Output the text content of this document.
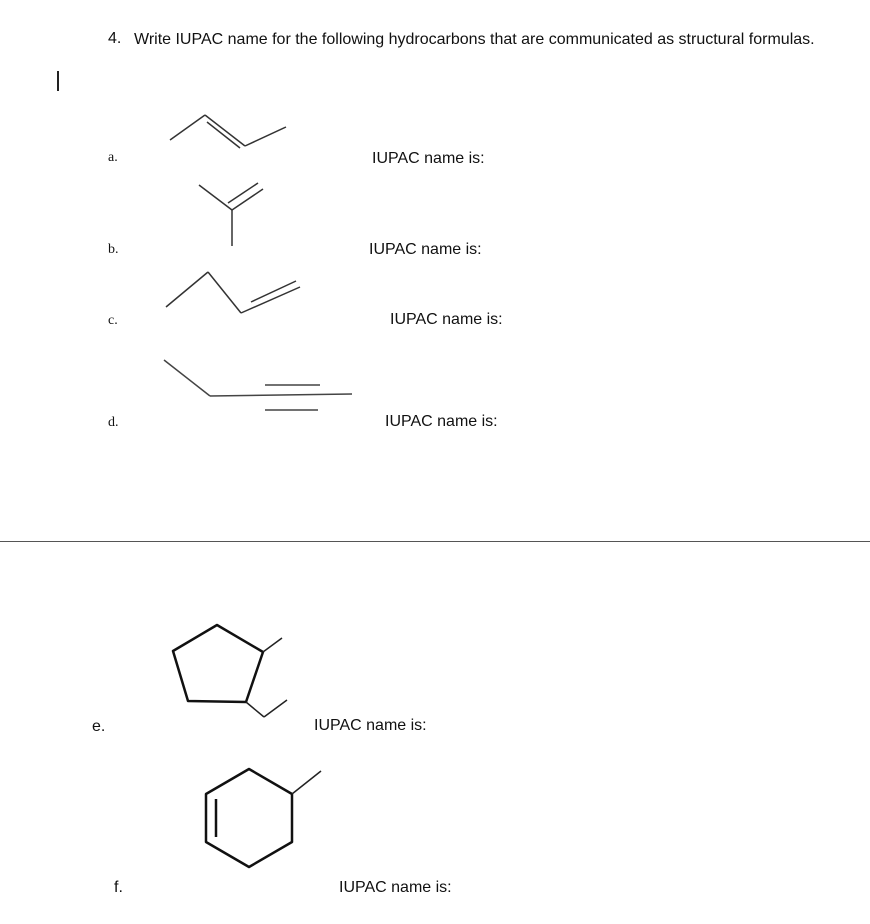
4. Write IUPAC name for the following hydrocarbons that are communicated as structural formulas.
a.	IUPAC name is:
b.	IUPAC name is:
c.	IUPAC name is:
d.	IUPAC name is:
e.	IUPAC name is:
f.	IUPAC name is:
